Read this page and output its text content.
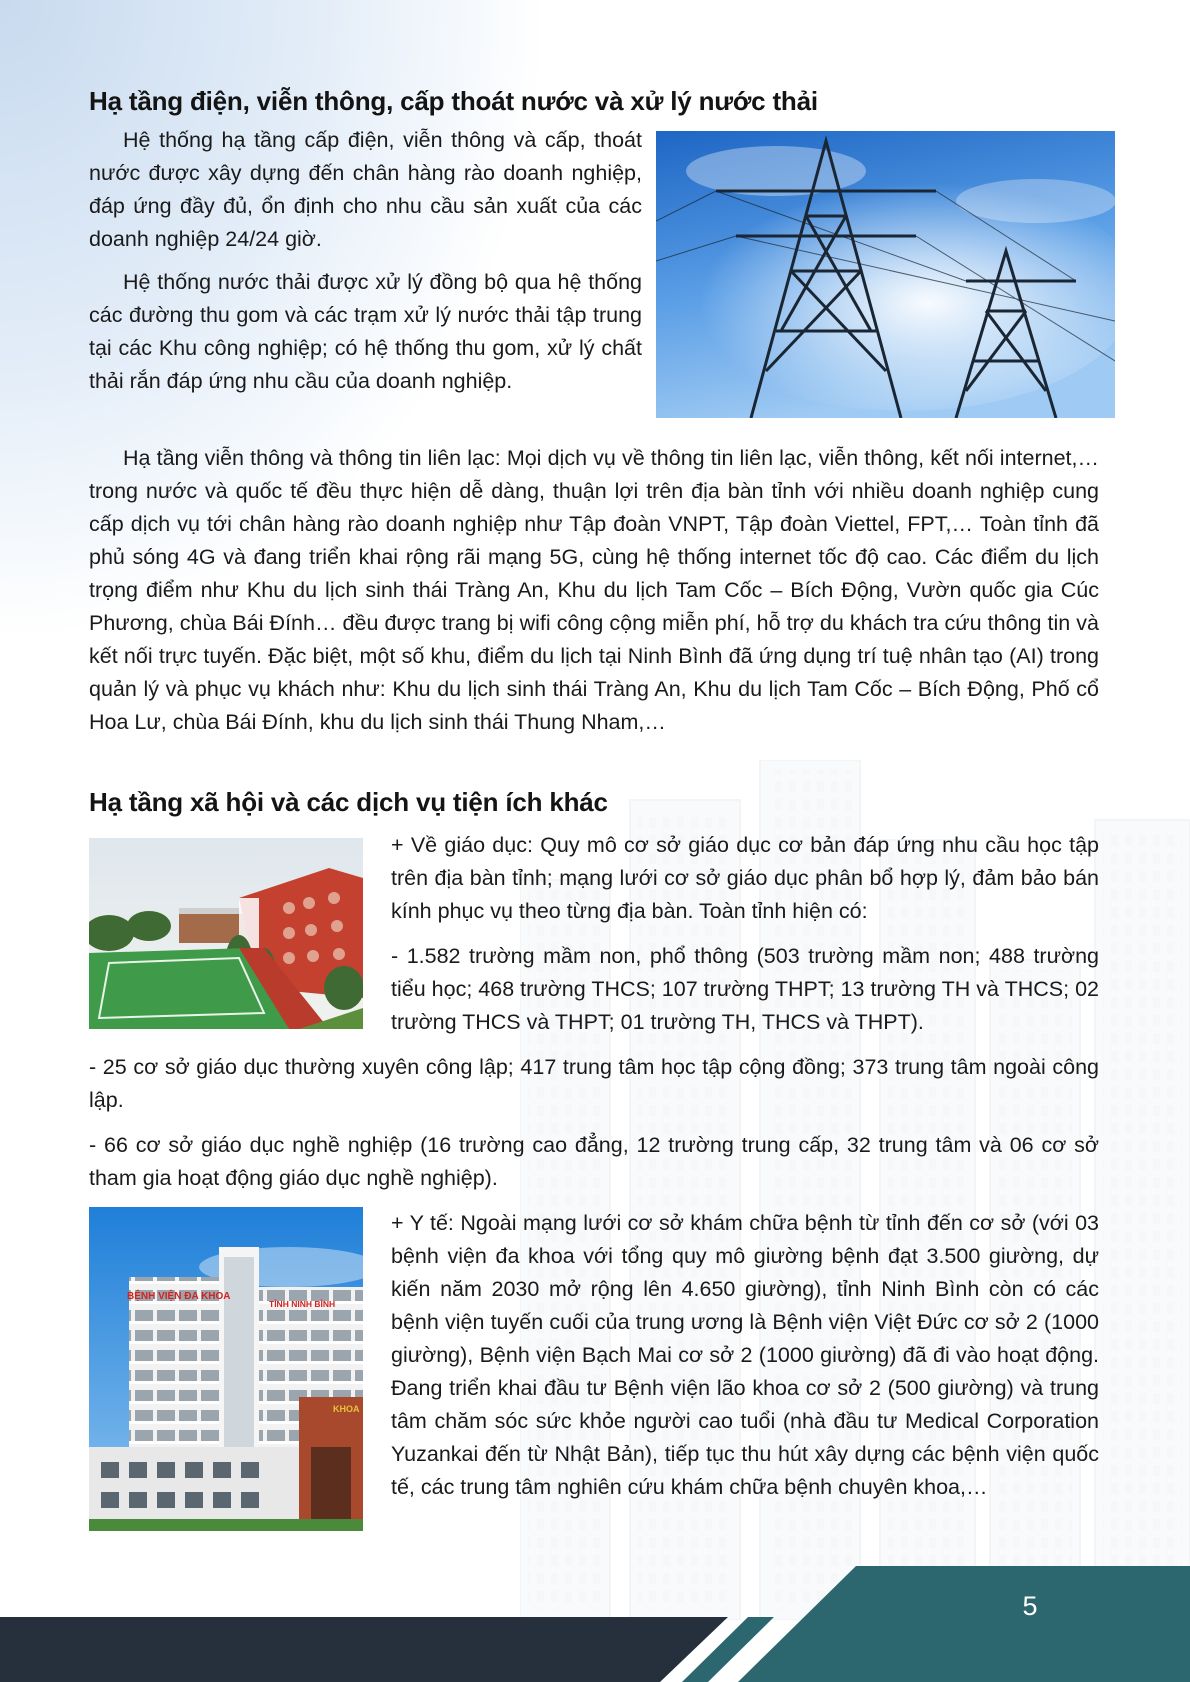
Hạ tầng điện, viễn thông, cấp thoát nước và xử lý nước thải

Hệ thống hạ tầng cấp điện, viễn thông và cấp, thoát nước được xây dựng đến chân hàng rào doanh nghiệp, đáp ứng đầy đủ, ổn định cho nhu cầu sản xuất của các doanh nghiệp 24/24 giờ.

Hệ thống nước thải được xử lý đồng bộ qua hệ thống các đường thu gom và các trạm xử lý nước thải tập trung tại các Khu công nghiệp; có hệ thống thu gom, xử lý chất thải rắn đáp ứng nhu cầu của doanh nghiệp.

Hạ tầng viễn thông và thông tin liên lạc: Mọi dịch vụ về thông tin liên lạc, viễn thông, kết nối internet,… trong nước và quốc tế đều thực hiện dễ dàng, thuận lợi trên địa bàn tỉnh với nhiều doanh nghiệp cung cấp dịch vụ tới chân hàng rào doanh nghiệp như Tập đoàn VNPT, Tập đoàn Viettel, FPT,… Toàn tỉnh đã phủ sóng 4G và đang triển khai rộng rãi mạng 5G, cùng hệ thống internet tốc độ cao. Các điểm du lịch trọng điểm như Khu du lịch sinh thái Tràng An, Khu du lịch Tam Cốc – Bích Động, Vườn quốc gia Cúc Phương, chùa Bái Đính… đều được trang bị wifi công cộng miễn phí, hỗ trợ du khách tra cứu thông tin và kết nối trực tuyến. Đặc biệt, một số khu, điểm du lịch tại Ninh Bình đã ứng dụng trí tuệ nhân tạo (AI) trong quản lý và phục vụ khách như: Khu du lịch sinh thái Tràng An, Khu du lịch Tam Cốc – Bích Động, Phố cổ Hoa Lư, chùa Bái Đính, khu du lịch sinh thái Thung Nham,…

Hạ tầng xã hội và các dịch vụ tiện ích khác

+ Về giáo dục: Quy mô cơ sở giáo dục cơ bản đáp ứng nhu cầu học tập trên địa bàn tỉnh; mạng lưới cơ sở giáo dục phân bổ hợp lý, đảm bảo bán kính phục vụ theo từng địa bàn. Toàn tỉnh hiện có:

- 1.582 trường mầm non, phổ thông (503 trường mầm non; 488 trường tiểu học; 468 trường THCS; 107 trường THPT; 13 trường TH và THCS; 02 trường THCS và THPT; 01 trường TH, THCS và THPT).

- 25 cơ sở giáo dục thường xuyên công lập; 417 trung tâm học tập cộng đồng; 373 trung tâm ngoài công lập.

- 66 cơ sở giáo dục nghề nghiệp (16 trường cao đẳng, 12 trường trung cấp, 32 trung tâm và 06 cơ sở tham gia hoạt động giáo dục nghề nghiệp).

BỆNH VIỆN ĐA KHOA
TỈNH NINH BÌNH
KHOA

+ Y tế: Ngoài mạng lưới cơ sở khám chữa bệnh từ tỉnh đến cơ sở (với 03 bệnh viện đa khoa với tổng quy mô giường bệnh đạt 3.500 giường, dự kiến năm 2030 mở rộng lên 4.650 giường), tỉnh Ninh Bình còn có các bệnh viện tuyến cuối của trung ương là Bệnh viện Việt Đức cơ sở 2 (1000 giường), Bệnh viện Bạch Mai cơ sở 2 (1000 giường) đã đi vào hoạt động. Đang triển khai đầu tư Bệnh viện lão khoa cơ sở 2 (500 giường) và trung tâm chăm sóc sức khỏe người cao tuổi (nhà đầu tư Medical Corporation Yuzankai đến từ Nhật Bản), tiếp tục thu hút xây dựng các bệnh viện quốc tế, các trung tâm nghiên cứu khám chữa bệnh chuyên khoa,…

5
